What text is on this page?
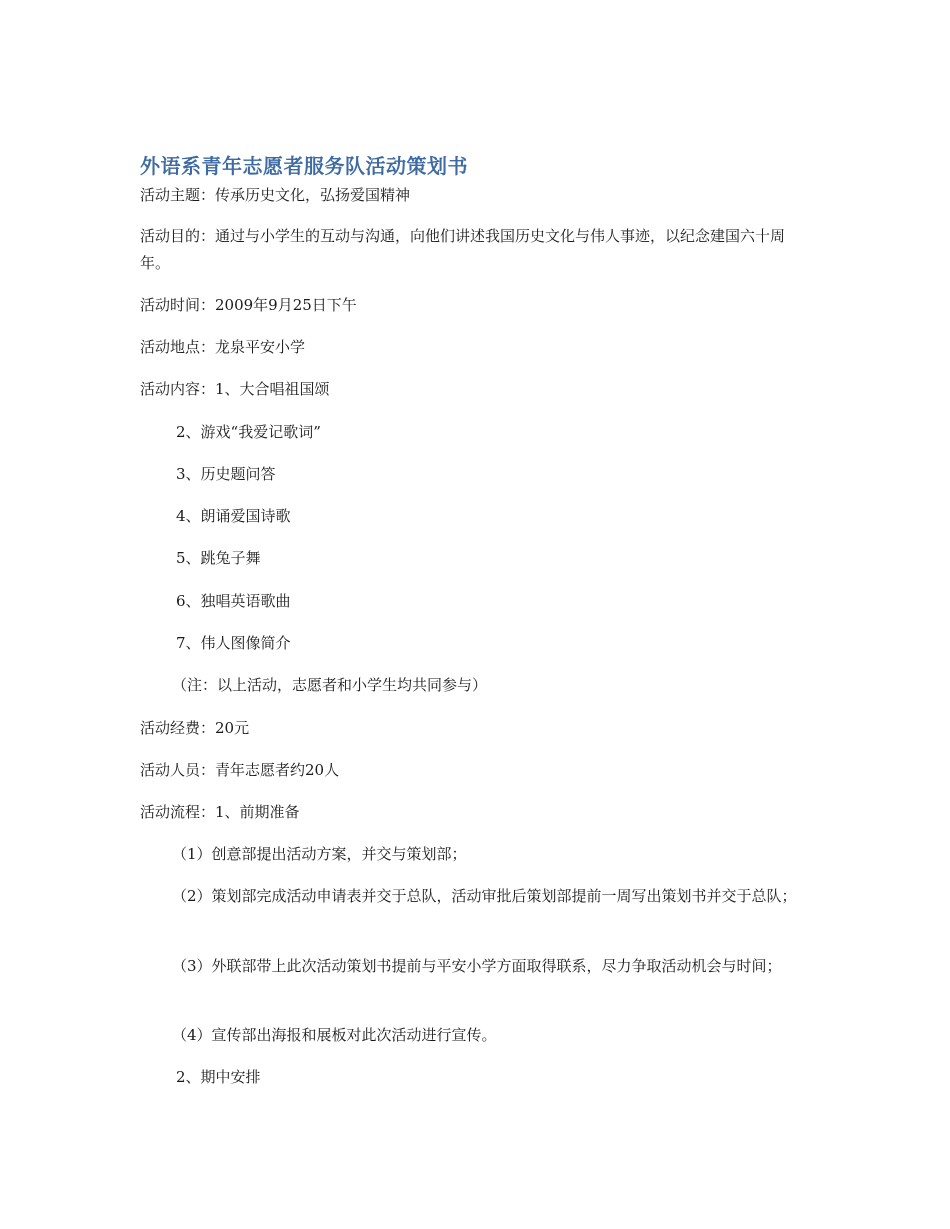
外语系青年志愿者服务队活动策划书

活动主题：传承历史文化，弘扬爱国精神

活动目的：通过与小学生的互动与沟通，向他们讲述我国历史文化与伟人事迹，以纪念建国六十周年。

活动时间：2009年9月25日下午

活动地点：龙泉平安小学

活动内容：1、大合唱祖国颂

2、游戏“我爱记歌词”

3、历史题问答

4、朗诵爱国诗歌

5、跳兔子舞

6、独唱英语歌曲

7、伟人图像简介

（注：以上活动，志愿者和小学生均共同参与）

活动经费：20元

活动人员：青年志愿者约20人

活动流程：1、前期准备

（1）创意部提出活动方案，并交与策划部；

（2）策划部完成活动申请表并交于总队，活动审批后策划部提前一周写出策划书并交于总队；

（3）外联部带上此次活动策划书提前与平安小学方面取得联系，尽力争取活动机会与时间；

（4）宣传部出海报和展板对此次活动进行宣传。

2、期中安排
